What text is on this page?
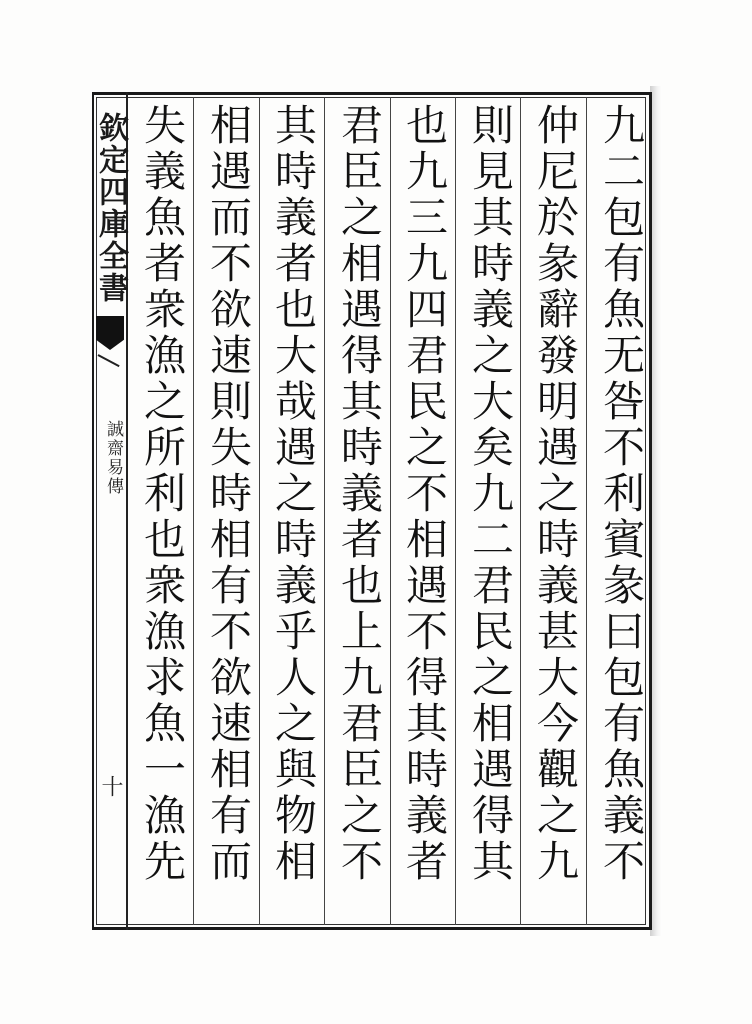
欽定四庫全書
誠齋易傳
十
九二包有魚无咎不利賓彖曰包有魚義不
仲尼於彖辭發明遇之時義甚大今觀之九
則見其時義之大矣九二君民之相遇得其
也九三九四君民之不相遇不得其時義者
君臣之相遇得其時義者也上九君臣之不
其時義者也大哉遇之時義乎人之與物相
相遇而不欲速則失時相有不欲速相有而
失義魚者衆漁之所利也衆漁求魚一漁先
